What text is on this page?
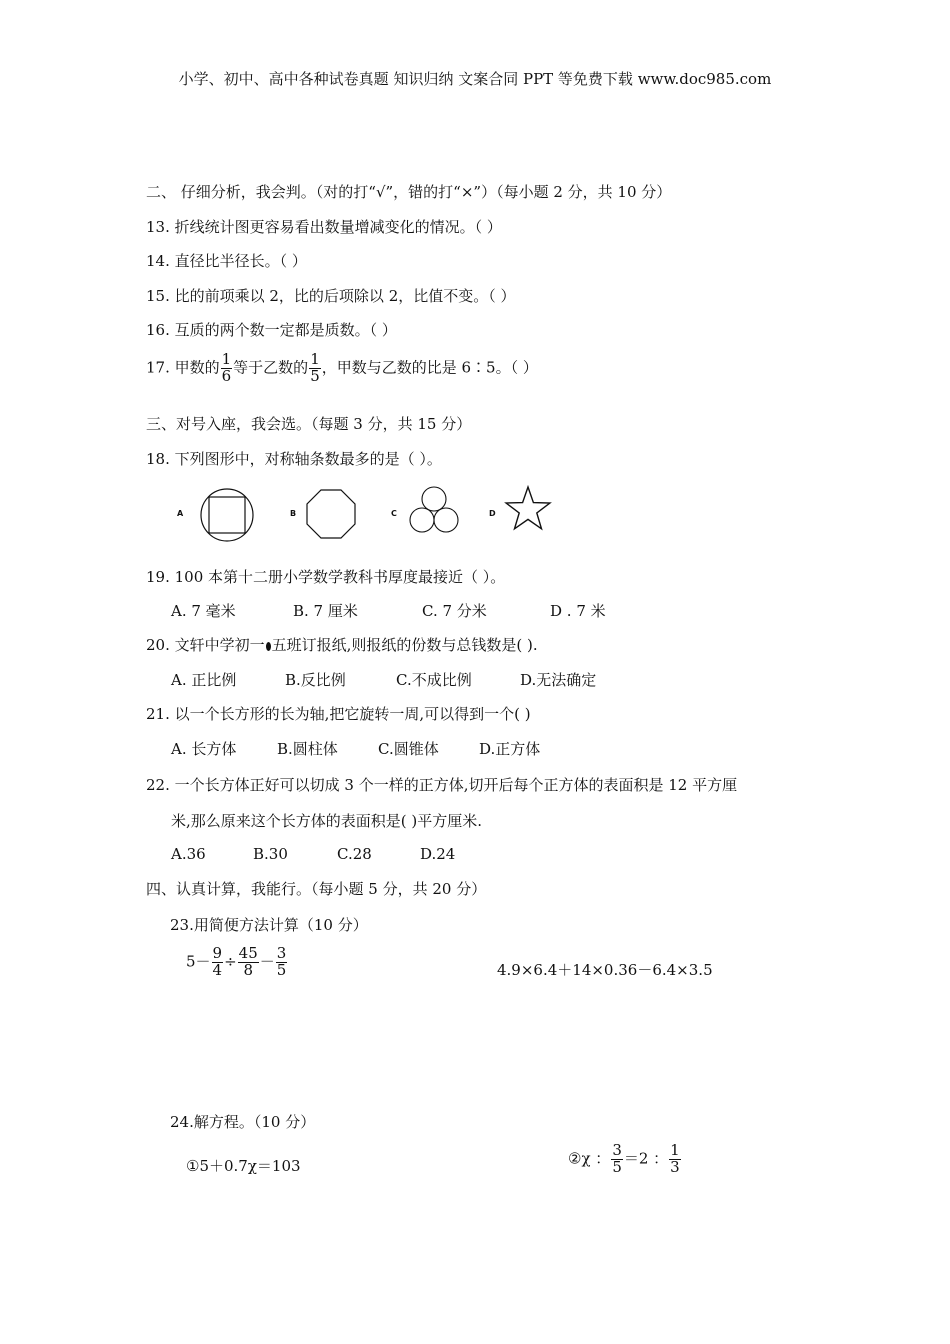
小学、初中、高中各种试卷真题 知识归纳 文案合同 PPT 等免费下载 www.doc985.com
二、 仔细分析，我会判。（对的打“√”，错的打“×”）（每小题 2 分，共 10 分）
13. 折线统计图更容易看出数量增减变化的情况。（ ）
14. 直径比半径长。（ ）
15. 比的前项乘以 2，比的后项除以 2，比值不变。（ ）
16. 互质的两个数一定都是质数。（ ）
17. 甲数的 $\frac{1}{6}$ 等于乙数的 $\frac{1}{5}$ ，甲数与乙数的比是 6∶5。（ ）
三、对号入座，我会选。（每题 3 分，共 15 分）
18. 下列图形中，对称轴条数最多的是（ ）。
A	B	C	D
19. 100 本第十二册小学数学教科书厚度最接近（ ）。
A. 7 毫米	B. 7 厘米	C. 7 分米	D . 7 米
20. 文轩中学初一 五班订报纸,则报纸的份数与总钱数是( ).
A. 正比例	B.反比例	C.不成比例	D.无法确定
21. 以一个长方形的长为轴,把它旋转一周,可以得到一个( )
A. 长方体	B.圆柱体	C.圆锥体	D.正方体
22. 一个长方体正好可以切成 3 个一样的正方体,切开后每个正方体的表面积是 12 平方厘
米,那么原来这个长方体的表面积是( )平方厘米.
A.36	B.30	C.28	D.24
四、认真计算，我能行。（每小题 5 分，共 20 分）
23.用简便方法计算（10 分）
$5- \frac{9}{4} \div \frac{45}{8} - \frac{3}{5}$	4.9×6.4＋14×0.36－6.4×3.5
24.解方程。（10 分）
①5＋0.7χ＝103	②χ ： $\frac{3}{5} =2$ ： $\frac{1}{3}$
